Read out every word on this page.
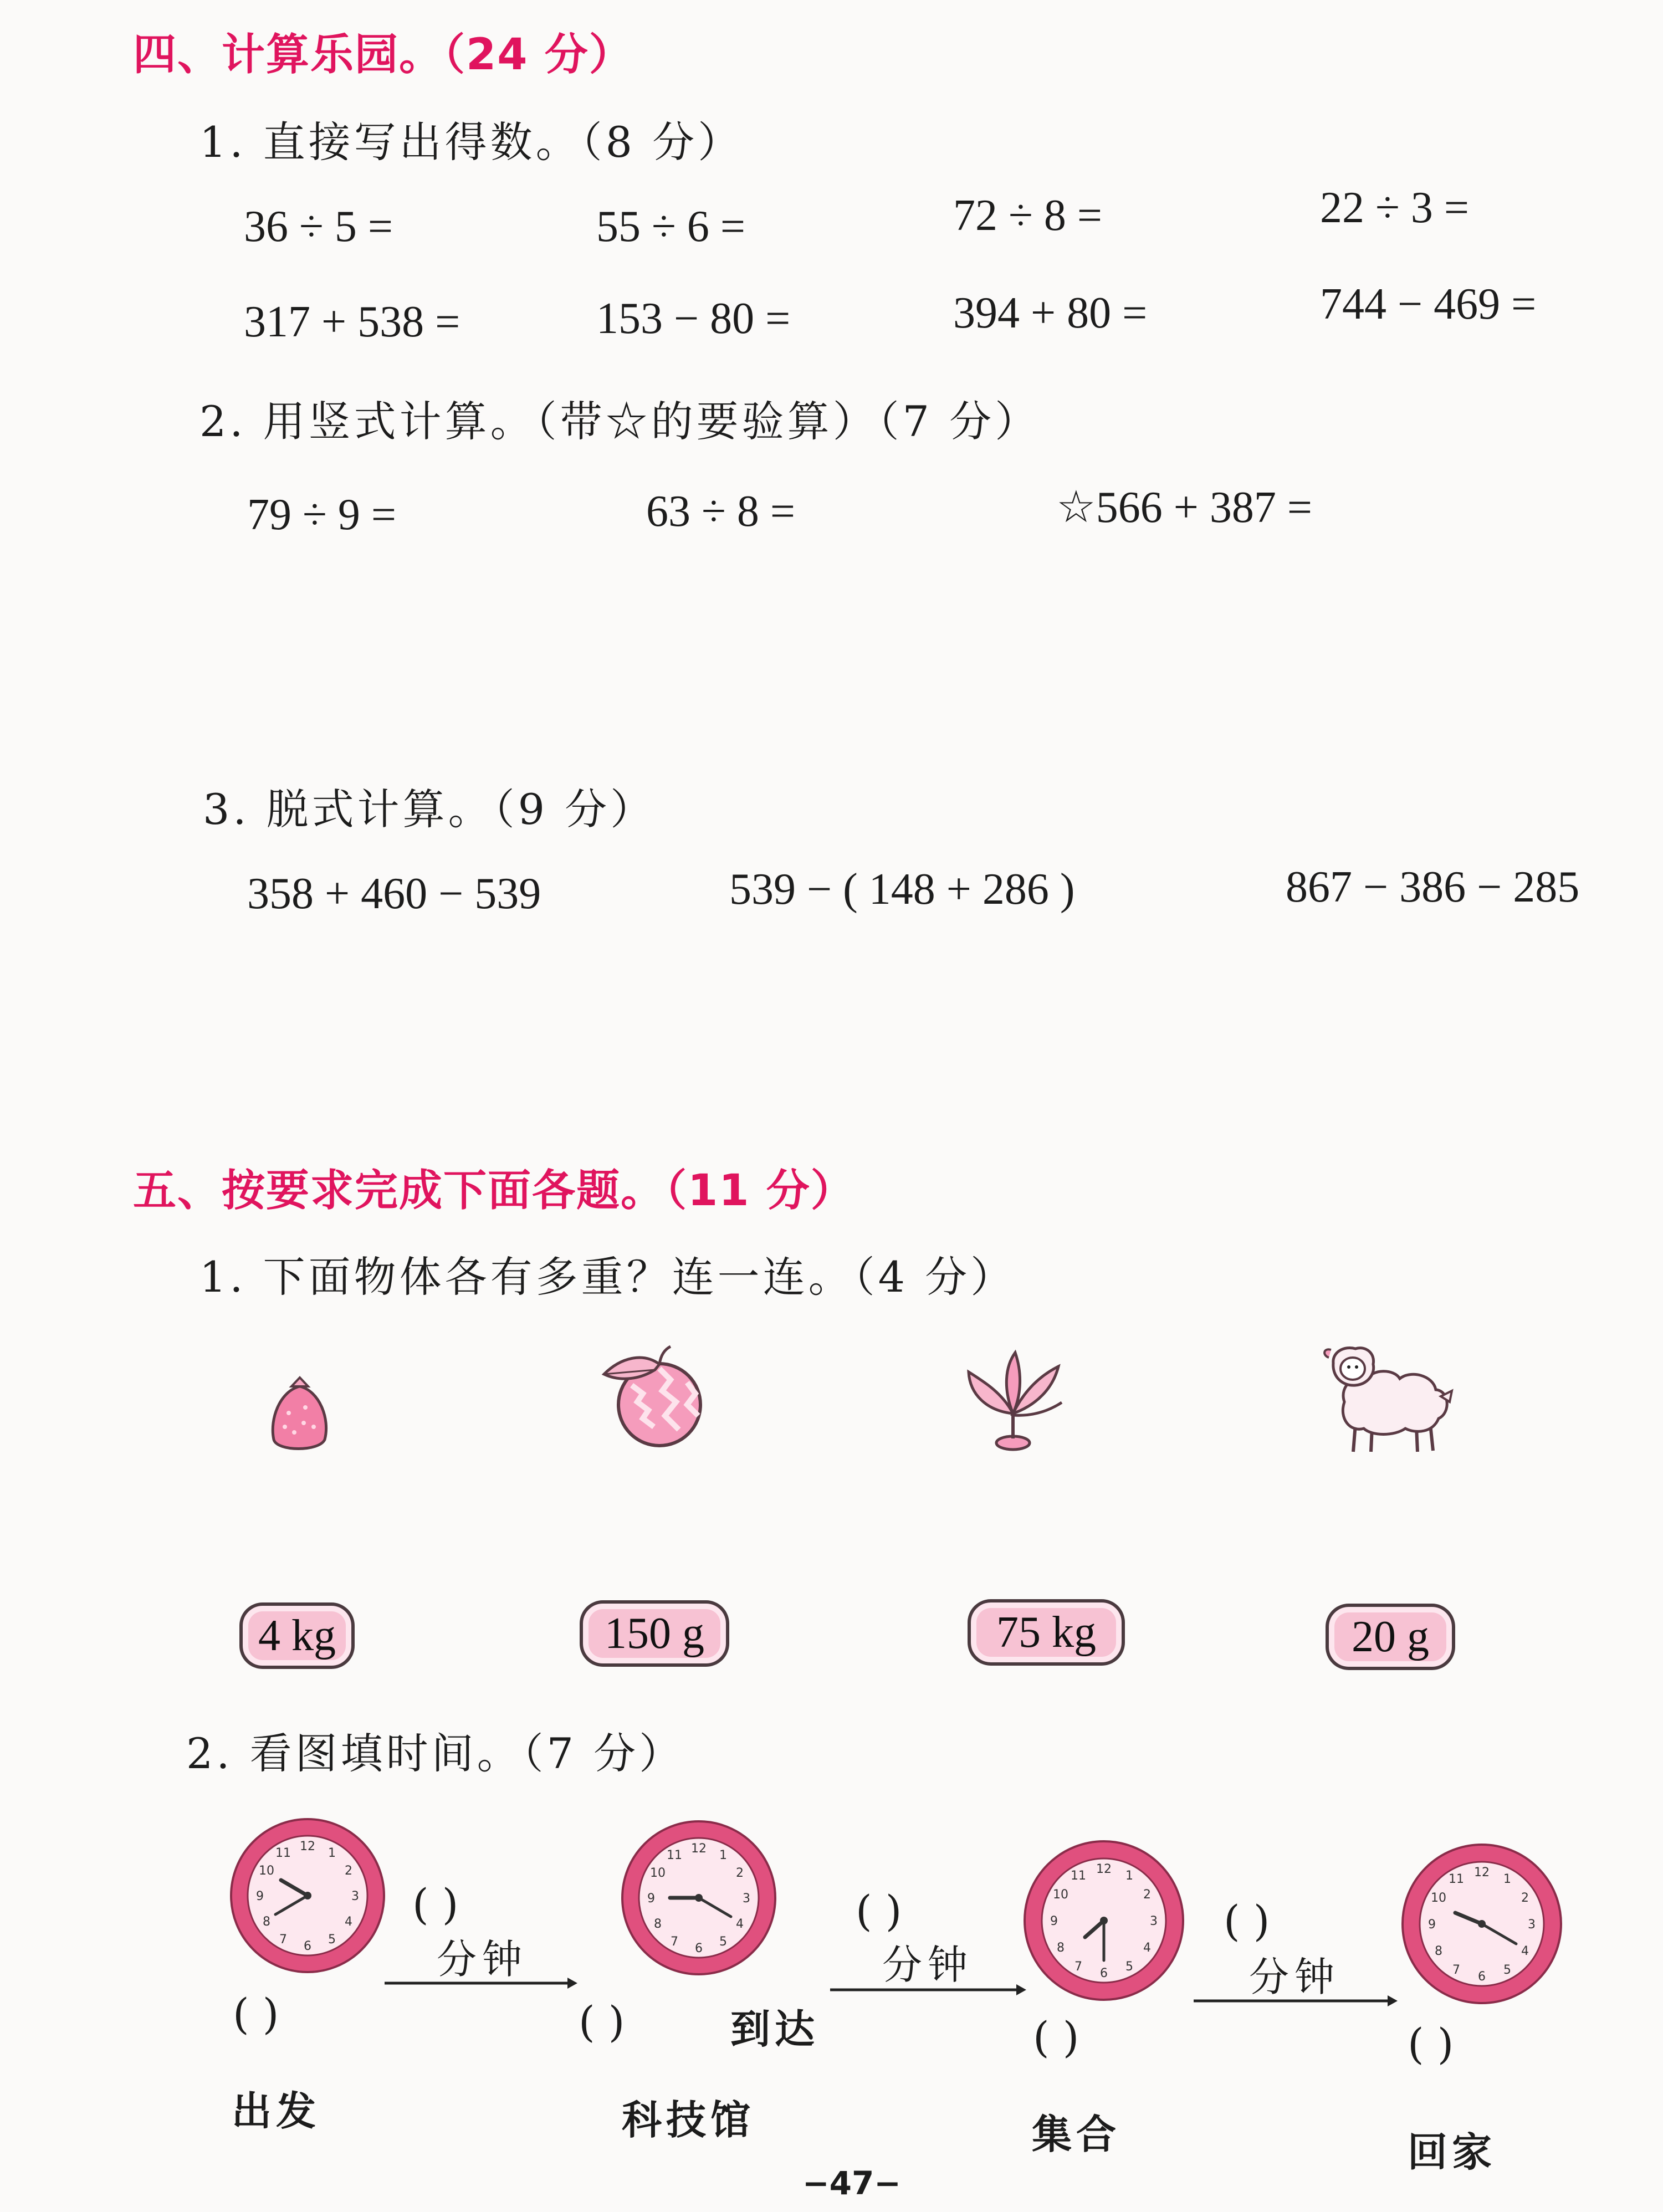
四、计算乐园。（24 分）
1. 直接写出得数。（8 分）
36 ÷ 5 =	55 ÷ 6 =	72 ÷ 8 =	22 ÷ 3 =
317 + 538 =	153 − 80 =	394 + 80 =	744 − 469 =
2. 用竖式计算。（带☆的要验算）（7 分）
79 ÷ 9 =	63 ÷ 8 =	☆566 + 387 =
3. 脱式计算。（9 分）
358 + 460 − 539	539 − ( 148 + 286 )	867 − 386 − 285
五、按要求完成下面各题。（11 分）
1. 下面物体各有多重？连一连。（4 分）
4 kg	150 g	75 kg	20 g
2. 看图填时间。（7 分）
12
3
6
9
1
11
5
7
2
10
4
8
12
3
6
9
1
11
5
7
2
10
4
8
12
3
6
9
1
11
5
7
2
10
4
8
12
3
6
9
1
11
5
7
2
10
4
8
( )
分钟
( )
分钟
( )
分钟
( )	( )	到达	( )	( )
出发	科技馆	集合	回家
−47−
